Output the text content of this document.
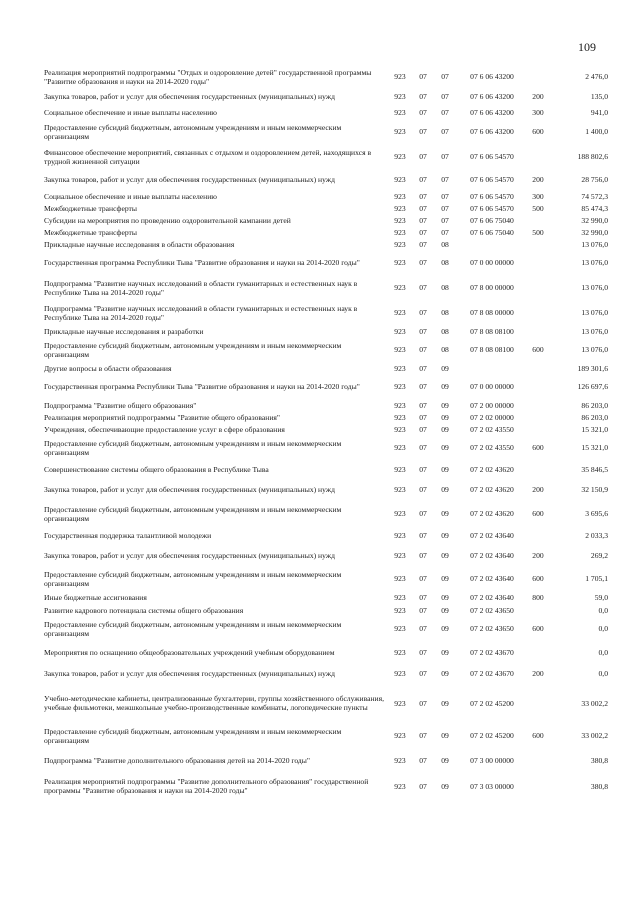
109
Реализация мероприятий подпрограммы "Отдых и оздоровление детей" государственной программы "Развитие образования и науки на 2014-2020 годы"	923	07	07	07 6 06 43200		2 476,0
Закупка товаров, работ и услуг для обеспечения государственных (муниципальных) нужд	923	07	07	07 6 06 43200	200	135,0
Социальное обеспечение и иные выплаты населению	923	07	07	07 6 06 43200	300	941,0
Предоставление субсидий бюджетным, автономным учреждениям и иным некоммерческим организациям	923	07	07	07 6 06 43200	600	1 400,0
Финансовое обеспечение мероприятий, связанных с отдыхом и оздоровлением детей, находящихся в трудной жизненной ситуации	923	07	07	07 6 06 54570		188 802,6
Закупка товаров, работ и услуг для обеспечения государственных (муниципальных) нужд	923	07	07	07 6 06 54570	200	28 756,0
Социальное обеспечение и иные выплаты населению	923	07	07	07 6 06 54570	300	74 572,3
Межбюджетные трансферты	923	07	07	07 6 06 54570	500	85 474,3
Субсидии на мероприятия по проведению оздоровительной кампании детей	923	07	07	07 6 06 75040		32 990,0
Межбюджетные трансферты	923	07	07	07 6 06 75040	500	32 990,0
Прикладные научные исследования в области образования	923	07	08			13 076,0
Государственная программа Республики Тыва "Развитие образования и науки на 2014-2020 годы"	923	07	08	07 0 00 00000		13 076,0
Подпрограмма "Развитие научных исследований в области гуманитарных и естественных наук в Республике Тыва на 2014-2020 годы"	923	07	08	07 8 00 00000		13 076,0
Подпрограмма "Развитие научных исследований в области гуманитарных и естественных наук в Республике Тыва на 2014-2020 годы"	923	07	08	07 8 08 00000		13 076,0
Прикладные научные исследования и разработки	923	07	08	07 8 08 08100		13 076,0
Предоставление субсидий бюджетным, автономным учреждениям и иным некоммерческим организациям	923	07	08	07 8 08 08100	600	13 076,0
Другие вопросы в области образования	923	07	09			189 301,6
Государственная программа Республики Тыва "Развитие образования и науки на 2014-2020 годы"	923	07	09	07 0 00 00000		126 697,6
Подпрограмма "Развитие общего образования"	923	07	09	07 2 00 00000		86 203,0
Реализация мероприятий подпрограммы "Развитие общего образования"	923	07	09	07 2 02 00000		86 203,0
Учреждения, обеспечивающие предоставление услуг в сфере образования	923	07	09	07 2 02 43550		15 321,0
Предоставление субсидий бюджетным, автономным учреждениям и иным некоммерческим организациям	923	07	09	07 2 02 43550	600	15 321,0
Совершенствование системы общего образования в Республике Тыва	923	07	09	07 2 02 43620		35 846,5
Закупка товаров, работ и услуг для обеспечения государственных (муниципальных) нужд	923	07	09	07 2 02 43620	200	32 150,9
Предоставление субсидий бюджетным, автономным учреждениям и иным некоммерческим организациям	923	07	09	07 2 02 43620	600	3 695,6
Государственная поддержка талантливой молодежи	923	07	09	07 2 02 43640		2 033,3
Закупка товаров, работ и услуг для обеспечения государственных (муниципальных) нужд	923	07	09	07 2 02 43640	200	269,2
Предоставление субсидий бюджетным, автономным учреждениям и иным некоммерческим организациям	923	07	09	07 2 02 43640	600	1 705,1
Иные бюджетные ассигнования	923	07	09	07 2 02 43640	800	59,0
Развитие кадрового потенциала системы общего образования	923	07	09	07 2 02 43650		0,0
Предоставление субсидий бюджетным, автономным учреждениям и иным некоммерческим организациям	923	07	09	07 2 02 43650	600	0,0
Мероприятия по оснащению общеобразовательных учреждений учебным оборудованием	923	07	09	07 2 02 43670		0,0
Закупка товаров, работ и услуг для обеспечения государственных (муниципальных) нужд	923	07	09	07 2 02 43670	200	0,0
Учебно-методические кабинеты, централизованные бухгалтерии, группы хозяйственного обслуживания, учебные фильмотеки, межшкольные учебно-производственные комбинаты, логопедические пункты	923	07	09	07 2 02 45200		33 002,2
Предоставление субсидий бюджетным, автономным учреждениям и иным некоммерческим организациям	923	07	09	07 2 02 45200	600	33 002,2
Подпрограмма "Развитие дополнительного образования детей на 2014-2020 годы"	923	07	09	07 3 00 00000		380,8
Реализация мероприятий подпрограммы "Развитие дополнительного образования" государственной программы "Развитие образования и науки на 2014-2020 годы"	923	07	09	07 3 03 00000		380,8
